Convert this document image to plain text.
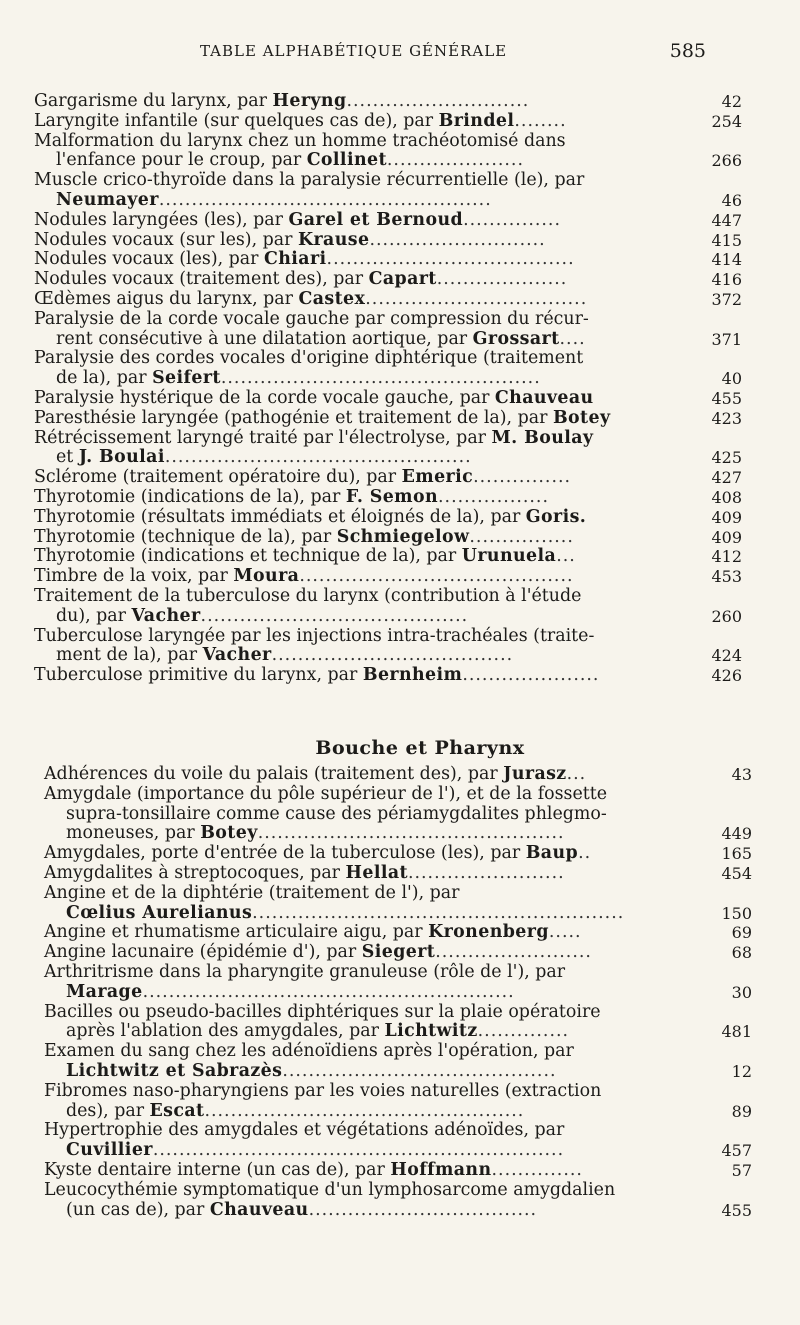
TABLE ALPHABÉTIQUE GÉNÉRALE	585
Gargarisme du larynx, par Heryng............................	42
Laryngite infantile (sur quelques cas de), par Brindel........	254
Malformation du larynx chez un homme trachéotomisé dans
l'enfance pour le croup, par Collinet.....................	266
Muscle crico-thyroïde dans la paralysie récurrentielle (le), par
Neumayer...................................................	46
Nodules laryngées (les), par Garel et Bernoud...............	447
Nodules vocaux (sur les), par Krause...........................	415
Nodules vocaux (les), par Chiari......................................	414
Nodules vocaux (traitement des), par Capart....................	416
Œdèmes aigus du larynx, par Castex..................................	372
Paralysie de la corde vocale gauche par compression du récur-
rent consécutive à une dilatation aortique, par Grossart....	371
Paralysie des cordes vocales d'origine diphtérique (traitement
de la), par Seifert.................................................	40
Paralysie hystérique de la corde vocale gauche, par Chauveau	455
Paresthésie laryngée (pathogénie et traitement de la), par Botey	423
Rétrécissement laryngé traité par l'électrolyse, par M. Boulay
et J. Boulai...............................................	425
Sclérome (traitement opératoire du), par Emeric...............	427
Thyrotomie (indications de la), par F. Semon.................	408
Thyrotomie (résultats immédiats et éloignés de la), par Goris.	409
Thyrotomie (technique de la), par Schmiegelow................	409
Thyrotomie (indications et technique de la), par Urunuela...	412
Timbre de la voix, par Moura..........................................	453
Traitement de la tuberculose du larynx (contribution à l'étude
du), par Vacher.........................................	260
Tuberculose laryngée par les injections intra-trachéales (traite-
ment de la), par Vacher.....................................	424
Tuberculose primitive du larynx, par Bernheim.....................	426
Bouche et Pharynx
Adhérences du voile du palais (traitement des), par Jurasz...	43
Amygdale (importance du pôle supérieur de l'), et de la fossette
supra-tonsillaire comme cause des périamygdalites phlegmo-
moneuses, par Botey...............................................	449
Amygdales, porte d'entrée de la tuberculose (les), par Baup..	165
Amygdalites à streptocoques, par Hellat........................	454
Angine et de la diphtérie (traitement de l'), par
Cœlius Aurelianus.........................................................	150
Angine et rhumatisme articulaire aigu, par Kronenberg.....	69
Angine lacunaire (épidémie d'), par Siegert........................	68
Arthritrisme dans la pharyngite granuleuse (rôle de l'), par
Marage.........................................................	30
Bacilles ou pseudo-bacilles diphtériques sur la plaie opératoire
après l'ablation des amygdales, par Lichtwitz..............	481
Examen du sang chez les adénoïdiens après l'opération, par
Lichtwitz et Sabrazès..........................................	12
Fibromes naso-pharyngiens par les voies naturelles (extraction
des), par Escat.................................................	89
Hypertrophie des amygdales et végétations adénoïdes, par
Cuvillier...............................................................	457
Kyste dentaire interne (un cas de), par Hoffmann..............	57
Leucocythémie symptomatique d'un lymphosarcome amygdalien
(un cas de), par Chauveau...................................	455
